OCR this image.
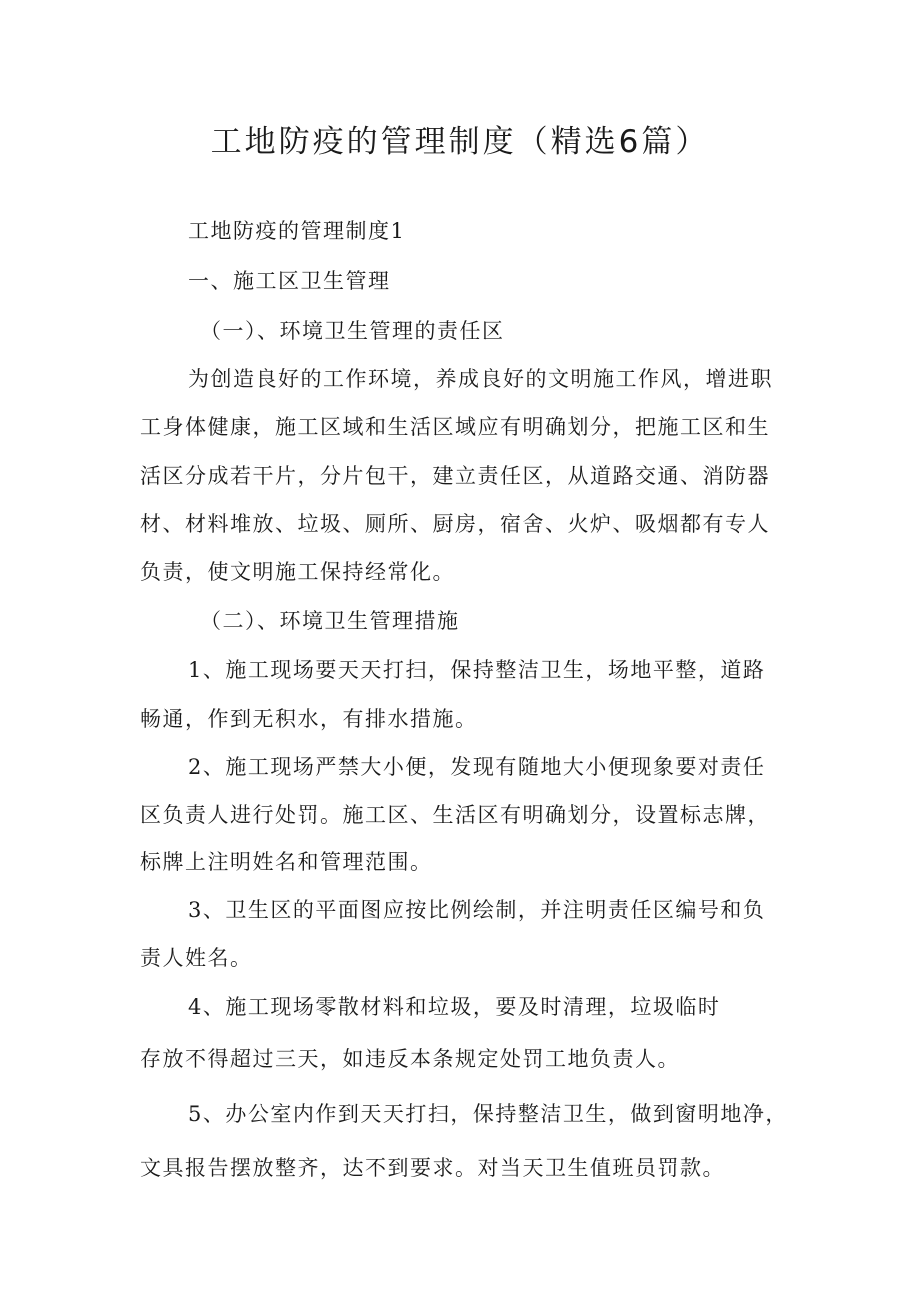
工地防疫的管理制度（精选6篇）
工地防疫的管理制度1
一、施工区卫生管理
（一）、环境卫生管理的责任区
为创造良好的工作环境，养成良好的文明施工作风，增进职
工身体健康，施工区域和生活区域应有明确划分，把施工区和生
活区分成若干片，分片包干，建立责任区，从道路交通、消防器
材、材料堆放、垃圾、厕所、厨房，宿舍、火炉、吸烟都有专人
负责，使文明施工保持经常化。
（二）、环境卫生管理措施
1、施工现场要天天打扫，保持整洁卫生，场地平整，道路
畅通，作到无积水，有排水措施。
2、施工现场严禁大小便，发现有随地大小便现象要对责任
区负责人进行处罚。施工区、生活区有明确划分，设置标志牌，
标牌上注明姓名和管理范围。
3、卫生区的平面图应按比例绘制，并注明责任区编号和负
责人姓名。
4、施工现场零散材料和垃圾，要及时清理，垃圾临时
存放不得超过三天，如违反本条规定处罚工地负责人。
5、办公室内作到天天打扫，保持整洁卫生，做到窗明地净，
文具报告摆放整齐，达不到要求。对当天卫生值班员罚款。
